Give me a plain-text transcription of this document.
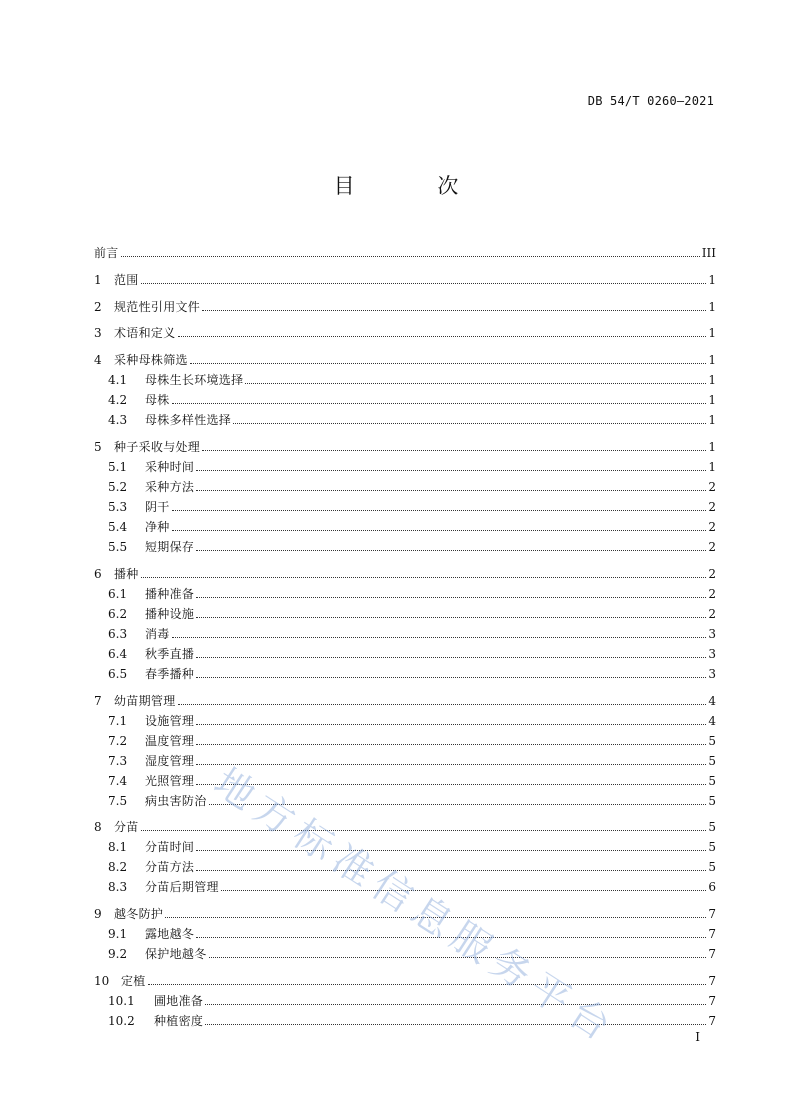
DB 54/T 0260—2021
目 次
前言	III
1	范围	1
2	规范性引用文件	1
3	术语和定义	1
4	采种母株筛选	1
4.1	母株生长环境选择	1
4.2	母株	1
4.3	母株多样性选择	1
5	种子采收与处理	1
5.1	采种时间	1
5.2	采种方法	2
5.3	阴干	2
5.4	净种	2
5.5	短期保存	2
6	播种	2
6.1	播种准备	2
6.2	播种设施	2
6.3	消毒	3
6.4	秋季直播	3
6.5	春季播种	3
7	幼苗期管理	4
7.1	设施管理	4
7.2	温度管理	5
7.3	湿度管理	5
7.4	光照管理	5
7.5	病虫害防治	5
8	分苗	5
8.1	分苗时间	5
8.2	分苗方法	5
8.3	分苗后期管理	6
9	越冬防护	7
9.1	露地越冬	7
9.2	保护地越冬	7
10 定植	7
10.1	圃地准备	7
10.2	种植密度	7
地方标准信息服务平台	I
